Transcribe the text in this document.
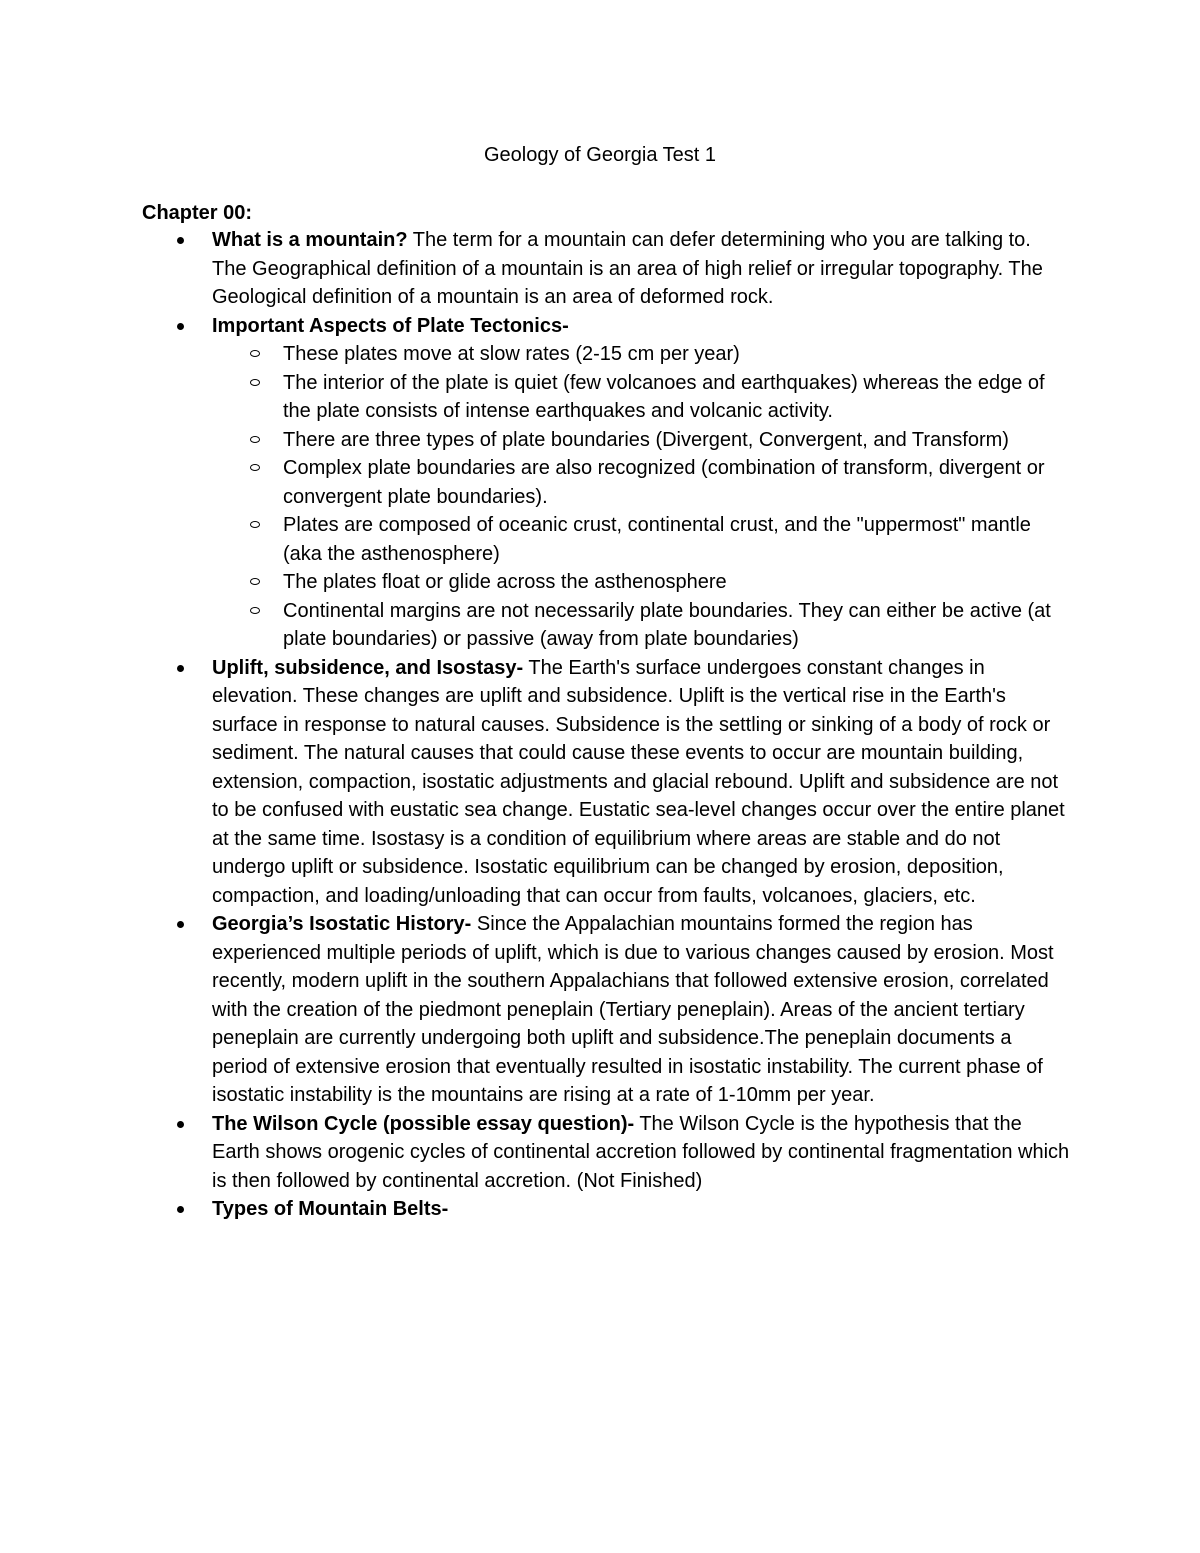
Geology of Georgia Test 1
Chapter 00:
What is a mountain? The term for a mountain can defer determining who you are talking to. The Geographical definition of a mountain is an area of high relief or irregular topography. The Geological definition of a mountain is an area of deformed rock.
Important Aspects of Plate Tectonics-
These plates move at slow rates (2-15 cm per year)
The interior of the plate is quiet (few volcanoes and earthquakes) whereas the edge of the plate consists of intense earthquakes and volcanic activity.
There are three types of plate boundaries (Divergent, Convergent, and Transform)
Complex plate boundaries are also recognized (combination of transform, divergent or convergent plate boundaries).
Plates are composed of oceanic crust, continental crust, and the "uppermost" mantle (aka the asthenosphere)
The plates float or glide across the asthenosphere
Continental margins are not necessarily plate boundaries. They can either be active (at plate boundaries) or passive (away from plate boundaries)
Uplift, subsidence, and Isostasy- The Earth's surface undergoes constant changes in elevation. These changes are uplift and subsidence. Uplift is the vertical rise in the Earth's surface in response to natural causes. Subsidence is the settling or sinking of a body of rock or sediment. The natural causes that could cause these events to occur are mountain building, extension, compaction, isostatic adjustments and glacial rebound. Uplift and subsidence are not to be confused with eustatic sea change. Eustatic sea-level changes occur over the entire planet at the same time. Isostasy is a condition of equilibrium where areas are stable and do not undergo uplift or subsidence. Isostatic equilibrium can be changed by erosion, deposition, compaction, and loading/unloading that can occur from faults, volcanoes, glaciers, etc.
Georgia’s Isostatic History- Since the Appalachian mountains formed the region has experienced multiple periods of uplift, which is due to various changes caused by erosion. Most recently, modern uplift in the southern Appalachians that followed extensive erosion, correlated with the creation of the piedmont peneplain (Tertiary peneplain). Areas of the ancient tertiary peneplain are currently undergoing both uplift and subsidence.The peneplain documents a period of extensive erosion that eventually resulted in isostatic instability. The current phase of isostatic instability is the mountains are rising at a rate of 1-10mm per year.
The Wilson Cycle (possible essay question)- The Wilson Cycle is the hypothesis that the Earth shows orogenic cycles of continental accretion followed by continental fragmentation which is then followed by continental accretion. (Not Finished)
Types of Mountain Belts-
